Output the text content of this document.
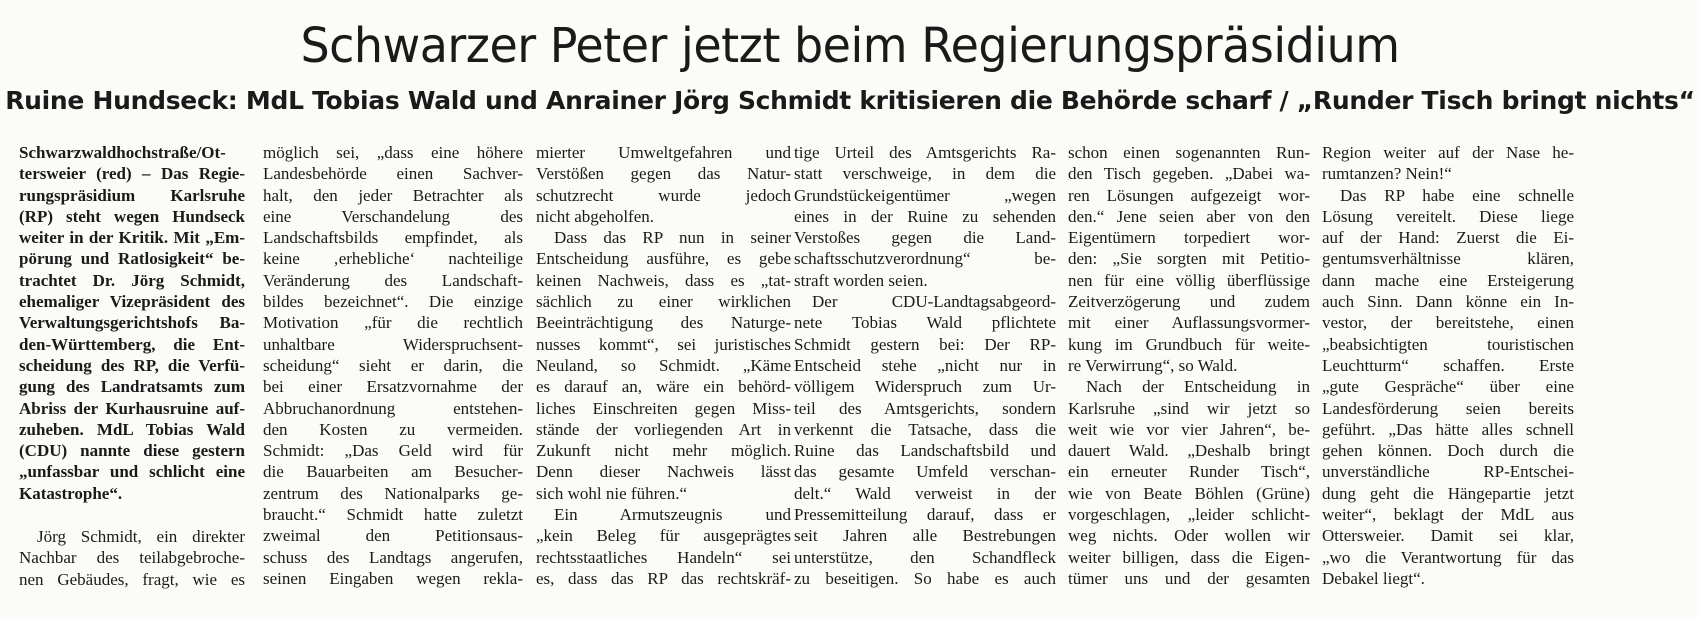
Schwarzer Peter jetzt beim Regierungspräsidium
Ruine Hundseck: MdL Tobias Wald und Anrainer Jörg Schmidt kritisieren die Behörde scharf / „Runder Tisch bringt nichts“
Schwarzwaldhochstraße/Ot-
tersweier (red) – Das Regie-
rungspräsidium Karlsruhe
(RP) steht wegen Hundseck
weiter in der Kritik. Mit „Em-
pörung und Ratlosigkeit“ be-
trachtet Dr. Jörg Schmidt,
ehemaliger Vizepräsident des
Verwaltungsgerichtshofs Ba-
den-Württemberg, die Ent-
scheidung des RP, die Verfü-
gung des Landratsamts zum
Abriss der Kurhausruine auf-
zuheben. MdL Tobias Wald
(CDU) nannte diese gestern
„unfassbar und schlicht eine
Katastrophe“.
Jörg Schmidt, ein direkter
Nachbar des teilabgebroche-
nen Gebäudes, fragt, wie es
möglich sei, „dass eine höhere
Landesbehörde einen Sachver-
halt, den jeder Betrachter als
eine Verschandelung des
Landschaftsbilds empfindet, als
keine ‚erhebliche‘ nachteilige
Veränderung des Landschaft-
bildes bezeichnet“. Die einzige
Motivation „für die rechtlich
unhaltbare Widerspruchsent-
scheidung“ sieht er darin, die
bei einer Ersatzvornahme der
Abbruchanordnung entstehen-
den Kosten zu vermeiden.
Schmidt: „Das Geld wird für
die Bauarbeiten am Besucher-
zentrum des Nationalparks ge-
braucht.“ Schmidt hatte zuletzt
zweimal den Petitionsaus-
schuss des Landtags angerufen,
seinen Eingaben wegen rekla-
mierter Umweltgefahren und
Verstößen gegen das Natur-
schutzrecht wurde jedoch
nicht abgeholfen.
Dass das RP nun in seiner
Entscheidung ausführe, es gebe
keinen Nachweis, dass es „tat-
sächlich zu einer wirklichen
Beeinträchtigung des Naturge-
nusses kommt“, sei juristisches
Neuland, so Schmidt. „Käme
es darauf an, wäre ein behörd-
liches Einschreiten gegen Miss-
stände der vorliegenden Art in
Zukunft nicht mehr möglich.
Denn dieser Nachweis lässt
sich wohl nie führen.“
Ein Armutszeugnis und
„kein Beleg für ausgeprägtes
rechtsstaatliches Handeln“ sei
es, dass das RP das rechtskräf-
tige Urteil des Amtsgerichts Ra-
statt verschweige, in dem die
Grundstückeigentümer „wegen
eines in der Ruine zu sehenden
Verstoßes gegen die Land-
schaftsschutzverordnung“ be-
straft worden seien.
Der CDU-Landtagsabgeord-
nete Tobias Wald pflichtete
Schmidt gestern bei: Der RP-
Entscheid stehe „nicht nur in
völligem Widerspruch zum Ur-
teil des Amtsgerichts, sondern
verkennt die Tatsache, dass die
Ruine das Landschaftsbild und
das gesamte Umfeld verschan-
delt.“ Wald verweist in der
Pressemitteilung darauf, dass er
seit Jahren alle Bestrebungen
unterstütze, den Schandfleck
zu beseitigen. So habe es auch
schon einen sogenannten Run-
den Tisch gegeben. „Dabei wa-
ren Lösungen aufgezeigt wor-
den.“ Jene seien aber von den
Eigentümern torpediert wor-
den: „Sie sorgten mit Petitio-
nen für eine völlig überflüssige
Zeitverzögerung und zudem
mit einer Auflassungsvormer-
kung im Grundbuch für weite-
re Verwirrung“, so Wald.
Nach der Entscheidung in
Karlsruhe „sind wir jetzt so
weit wie vor vier Jahren“, be-
dauert Wald. „Deshalb bringt
ein erneuter Runder Tisch“,
wie von Beate Böhlen (Grüne)
vorgeschlagen, „leider schlicht-
weg nichts. Oder wollen wir
weiter billigen, dass die Eigen-
tümer uns und der gesamten
Region weiter auf der Nase he-
rumtanzen? Nein!“
Das RP habe eine schnelle
Lösung vereitelt. Diese liege
auf der Hand: Zuerst die Ei-
gentumsverhältnisse klären,
dann mache eine Ersteigerung
auch Sinn. Dann könne ein In-
vestor, der bereitstehe, einen
„beabsichtigten touristischen
Leuchtturm“ schaffen. Erste
„gute Gespräche“ über eine
Landesförderung seien bereits
geführt. „Das hätte alles schnell
gehen können. Doch durch die
unverständliche RP-Entschei-
dung geht die Hängepartie jetzt
weiter“, beklagt der MdL aus
Ottersweier. Damit sei klar,
„wo die Verantwortung für das
Debakel liegt“.
